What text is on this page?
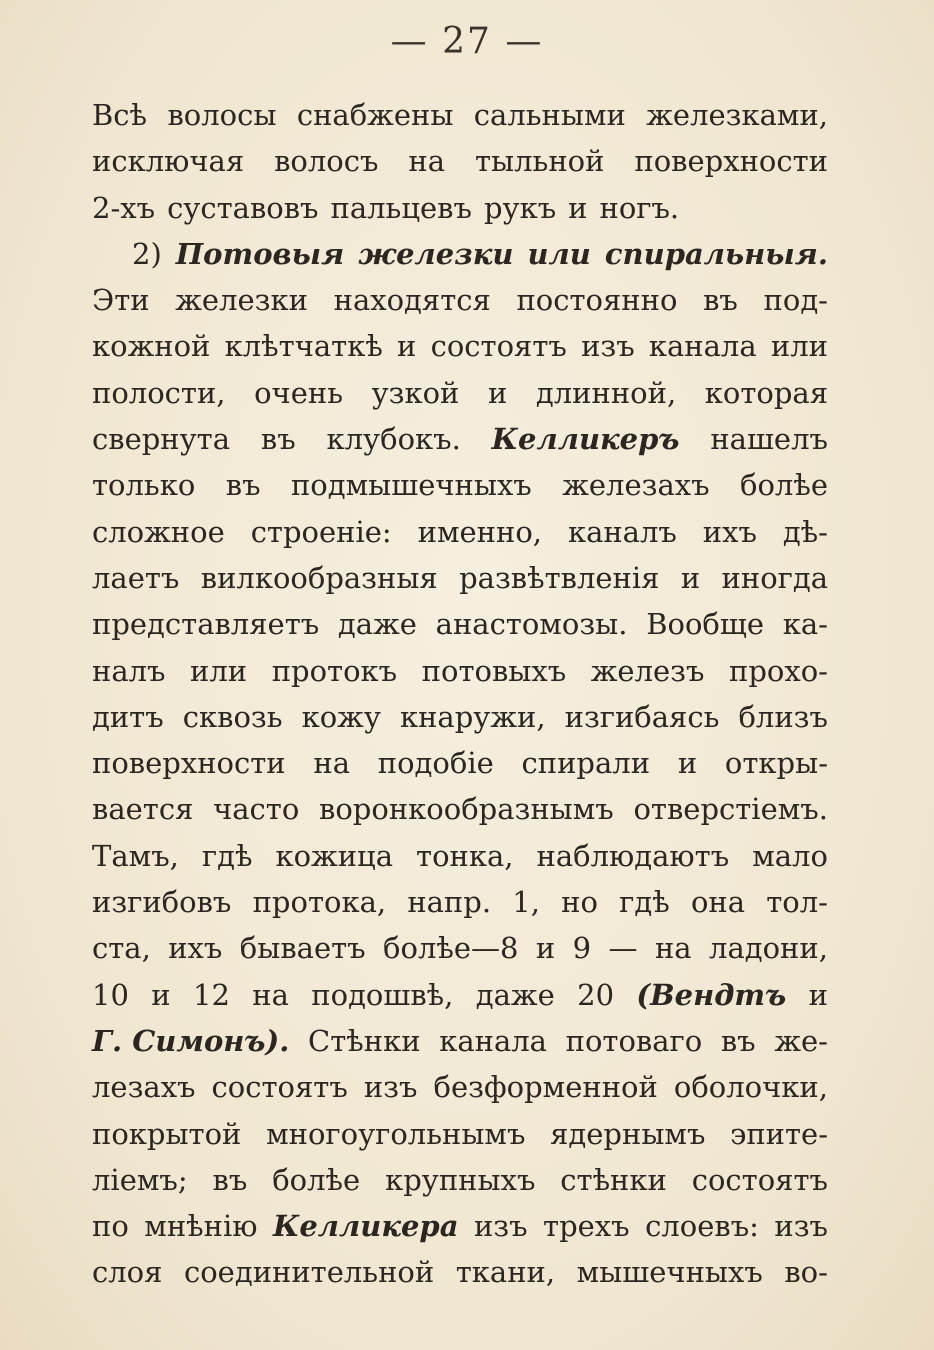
— 27 —
Всѣ волосы снабжены сальными железками,
исключая волосъ на тыльной поверхности
2-хъ суставовъ пальцевъ рукъ и ногъ.
2) Потовыя железки или спиральныя.
Эти железки находятся постоянно въ под-
кожной клѣтчаткѣ и состоятъ изъ канала или
полости, очень узкой и длинной, которая
свернута въ клубокъ. Келликеръ нашелъ
только въ подмышечныхъ железахъ болѣе
сложное строеніе: именно, каналъ ихъ дѣ-
лаетъ вилкообразныя развѣтвленія и иногда
представляетъ даже анастомозы. Вообще ка-
налъ или протокъ потовыхъ железъ прохо-
дитъ сквозь кожу кнаружи, изгибаясь близъ
поверхности на подобіе спирали и откры-
вается часто воронкообразнымъ отверстіемъ.
Тамъ, гдѣ кожица тонка, наблюдаютъ мало
изгибовъ протока, напр. 1, но гдѣ она тол-
ста, ихъ бываетъ болѣе—8 и 9 — на ладони,
10 и 12 на подошвѣ, даже 20 (Вендтъ и
Г. Симонъ). Стѣнки канала потоваго въ же-
лезахъ состоятъ изъ безформенной оболочки,
покрытой многоугольнымъ ядернымъ эпите-
ліемъ; въ болѣе крупныхъ стѣнки состоятъ
по мнѣнію Келликера изъ трехъ слоевъ: изъ
слоя соединительной ткани, мышечныхъ во-
